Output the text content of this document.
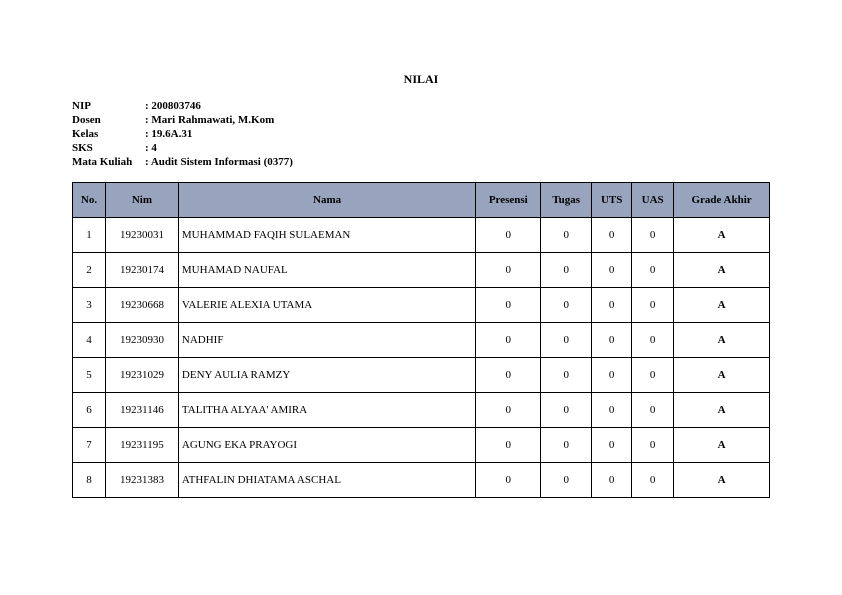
NILAI
NIP	: 200803746
Dosen	: Mari Rahmawati, M.Kom
Kelas	: 19.6A.31
SKS	: 4
Mata Kuliah	: Audit Sistem Informasi (0377)
No.	Nim	Nama	Presensi	Tugas	UTS	UAS	Grade Akhir
1	19230031	MUHAMMAD FAQIH SULAEMAN	0	0	0	0	A
2	19230174	MUHAMAD NAUFAL	0	0	0	0	A
3	19230668	VALERIE ALEXIA UTAMA	0	0	0	0	A
4	19230930	NADHIF	0	0	0	0	A
5	19231029	DENY AULIA RAMZY	0	0	0	0	A
6	19231146	TALITHA ALYAA' AMIRA	0	0	0	0	A
7	19231195	AGUNG EKA PRAYOGI	0	0	0	0	A
8	19231383	ATHFALIN DHIATAMA ASCHAL	0	0	0	0	A
